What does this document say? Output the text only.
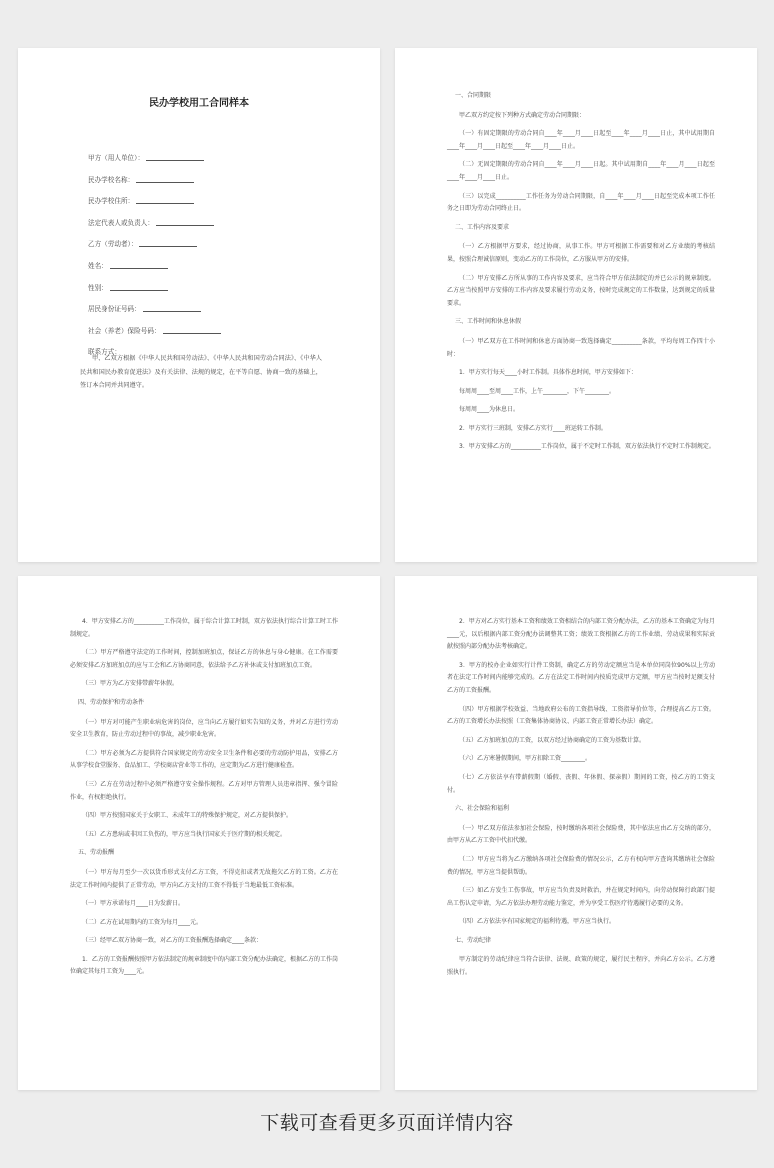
民办学校用工合同样本
甲方（用人单位）：
民办学校名称：
民办学校住所：
法定代表人或负责人：
乙方（劳动者）：
姓名：
性别：
居民身份证号码：
社会（养老）保险号码：
联系方式：
甲、乙双方根据《中华人民共和国劳动法》、《中华人民共和国劳动合同法》、《中华人民共和国民办教育促进法》及有关法律、法规的规定，在平等自愿、协商一致的基础上，签订本合同并共同遵守。

一、合同期限

甲乙双方约定按下列种方式确定劳动合同期限：

（一）有固定期限的劳动合同自____年____月____日起至____年____月____日止，其中试用期自____年____月____日起至____年____月____日止。

（二）无固定期限的劳动合同自____年____月____日起。其中试用期自____年____月____日起至____年____月____日止。

（三）以完成__________工作任务为劳动合同期限，自____年____月____日起至完成本项工作任务之日即为劳动合同终止日。

二、工作内容及要求

（一）乙方根据甲方要求，经过协商，从事工作。甲方可根据工作需要和对乙方业绩的考核结果，按照合理诚信原则，变动乙方的工作岗位，乙方服从甲方的安排。

（二）甲方安排乙方所从事的工作内容及要求，应当符合甲方依法制定的并已公示的规章制度。乙方应当按照甲方安排的工作内容及要求履行劳动义务，按时完成规定的工作数量，达到规定的质量要求。

三、工作时间和休息休假

（一）甲乙双方在工作时间和休息方面协商一致选择确定__________条款，平均每周工作四十小时：

1．甲方实行每天____小时工作制。具体作息时间，甲方安排如下：

每周周____至周____工作，上午________，下午________。

每周周____为休息日。

2．甲方实行三班制，安排乙方实行____班运转工作制。

3．甲方安排乙方的__________工作岗位，属于不定时工作制，双方依法执行不定时工作制规定。

4．甲方安排乙方的__________工作岗位，属于综合计算工时制，双方依法执行综合计算工时工作制规定。

（二）甲方严格遵守法定的工作时间，控制加班加点，保证乙方的休息与身心健康。在工作需要必须安排乙方加班加点的应与工会和乙方协商同意，依法给予乙方补休或支付加班加点工资。

（三）甲方为乙方安排带薪年休假。

四、劳动保护和劳动条件

（一）甲方对可能产生职业病危害的岗位，应当向乙方履行如实告知的义务，并对乙方进行劳动安全卫生教育，防止劳动过程中的事故，减少职业危害。

（二）甲方必须为乙方提供符合国家规定的劳动安全卫生条件和必要的劳动防护用品，安排乙方从事学校食堂服务、食品加工、学校商店营业等工作的，应定期为乙方进行健康检查。

（三）乙方在劳动过程中必须严格遵守安全操作规程。乙方对甲方管理人员违章指挥、强令冒险作业，有权拒绝执行。

（四）甲方按照国家关于女职工、未成年工的特殊保护规定，对乙方提供保护。

（五）乙方患病或非因工负伤的，甲方应当执行国家关于医疗期的相关规定。

五、劳动报酬

（一）甲方每月至少一次以货币形式支付乙方工资，不得克扣或者无故拖欠乙方的工资。乙方在法定工作时间内提供了正常劳动，甲方向乙方支付的工资不得低于当地最低工资标准。

（一）甲方承诺每月____日为发薪日。

（二）乙方在试用期内的工资为每月____元。

（三）经甲乙双方协商一致，对乙方的工资报酬选择确定____条款：

1．乙方的工资报酬按照甲方依法制定的规章制度中的内部工资分配办法确定，根据乙方的工作岗位确定其每月工资为____元。

2．甲方对乙方实行基本工资和绩效工资相结合的内部工资分配办法，乙方的基本工资确定为每月____元，以后根据内部工资分配办法调整其工资；绩效工资根据乙方的工作业绩、劳动成果和实际贡献按照内部分配办法考核确定。

3．甲方的校办企业如实行计件工资制，确定乙方的劳动定额应当是本单位同岗位90%以上劳动者在法定工作时间内能够完成的。乙方在法定工作时间内按质完成甲方定额，甲方应当按时足额支付乙方的工资报酬。

（四）甲方根据学校效益、当地政府公布的工资指导线、工资指导价位等，合理提高乙方工资。乙方的工资增长办法按照（工资集体协商协议、内部工资正常增长办法）确定。

（五）乙方加班加点的工资，以双方经过协商确定的工资为基数计算。

（六）乙方寒暑假期间，甲方扣除工资________。

（七）乙方依法享有带薪假期（婚假、丧假、年休假、探亲假）期间的工资，按乙方的工资支付。

六、社会保险和福利

（一）甲乙双方依法参加社会保险，按时缴纳各项社会保险费，其中依法应由乙方交纳的部分，由甲方从乙方工资中代扣代缴。

（二）甲方应当将为乙方缴纳各项社会保险费的情况公示，乙方有权向甲方查询其缴纳社会保险费的情况，甲方应当提供帮助。

（三）如乙方发生工伤事故，甲方应当负责及时救治，并在规定时间内，向劳动保障行政部门提出工伤认定申请，为乙方依法办理劳动能力鉴定，并为享受工伤医疗待遇履行必要的义务。

（四）乙方依法享有国家规定的福利待遇，甲方应当执行。

七、劳动纪律

甲方制定的劳动纪律应当符合法律、法规、政策的规定，履行民主程序，并向乙方公示。乙方遵照执行。

下载可查看更多页面详情内容
